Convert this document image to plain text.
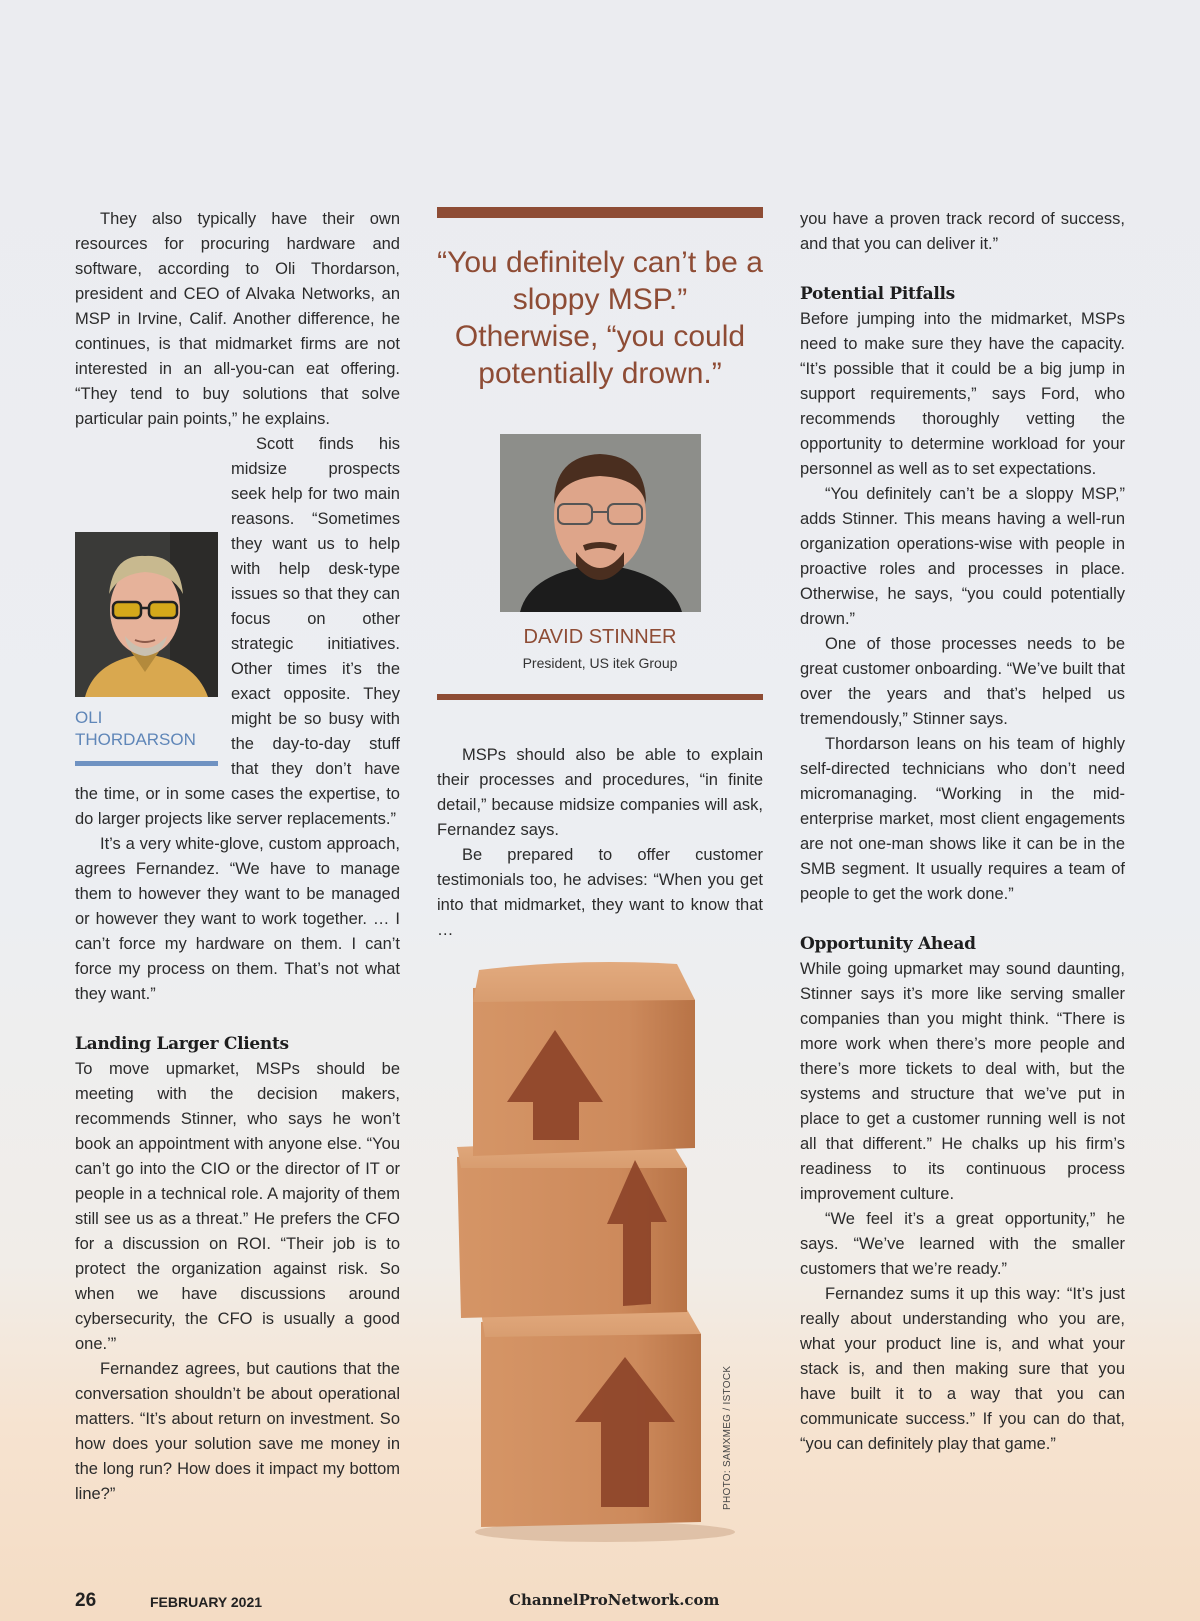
They also typically have their own resources for procuring hardware and software, according to Oli Thordarson, president and CEO of Alvaka Networks, an MSP in Irvine, Calif. Another difference, he continues, is that midmarket firms are not interested in an all-you-can eat offering. “They tend to buy solutions that solve particular pain points,” he explains.
OLI
THORDARSON

Scott finds his midsize prospects seek help for two main reasons. “Sometimes they want us to help with help desk-type issues so that they can focus on other strategic initiatives. Other times it’s the exact opposite. They might be so busy with the day-to-day stuff that they don’t have the time, or in some cases the expertise, to do larger projects like server replacements.”

It’s a very white-glove, custom approach, agrees Fernandez. “We have to manage them to however they want to be managed or however they want to work together. … I can’t force my hardware on them. I can’t force my process on them. That’s not what they want.”

Landing Larger Clients

To move upmarket, MSPs should be meeting with the decision makers, recommends Stinner, who says he won’t book an appointment with anyone else. “You can’t go into the CIO or the director of IT or people in a technical role. A majority of them still see us as a threat.” He prefers the CFO for a discussion on ROI. “Their job is to protect the organization against risk. So when we have discussions around cybersecurity, the CFO is usually a good one.’”

Fernandez agrees, but cautions that the conversation shouldn’t be about operational matters. “It’s about return on investment. So how does your solution save me money in the long run? How does it impact my bottom line?”

“You definitely can’t be a sloppy MSP.” Otherwise, “you could potentially drown.”
DAVID STINNER
President, US itek Group

MSPs should also be able to explain their processes and procedures, “in finite detail,” because midsize companies will ask, Fernandez says.

Be prepared to offer customer testimonials too, he advises: “When you get into that midmarket, they want to know that …

PHOTO: SAMXMEG / ISTOCK

you have a proven track record of success, and that you can deliver it.”

Potential Pitfalls

Before jumping into the midmarket, MSPs need to make sure they have the capacity. “It’s possible that it could be a big jump in support requirements,” says Ford, who recommends thoroughly vetting the opportunity to determine workload for your personnel as well as to set expectations.

“You definitely can’t be a sloppy MSP,” adds Stinner. This means having a well-run organization operations-wise with people in proactive roles and processes in place. Otherwise, he says, “you could potentially drown.”

One of those processes needs to be great customer onboarding. “We’ve built that over the years and that’s helped us tremendously,” Stinner says.

Thordarson leans on his team of highly self-directed technicians who don’t need micromanaging. “Working in the mid-enterprise market, most client engagements are not one-man shows like it can be in the SMB segment. It usually requires a team of people to get the work done.”

Opportunity Ahead

While going upmarket may sound daunting, Stinner says it’s more like serving smaller companies than you might think. “There is more work when there’s more people and there’s more tickets to deal with, but the systems and structure that we’ve put in place to get a customer running well is not all that different.” He chalks up his firm’s readiness to its continuous process improvement culture.

“We feel it’s a great opportunity,” he says. “We’ve learned with the smaller customers that we’re ready.”

Fernandez sums it up this way: “It’s just really about understanding who you are, what your product line is, and what your stack is, and then making sure that you have built it to a way that you can communicate success.” If you can do that, “you can definitely play that game.”

26	FEBRUARY 2021	ChannelProNetwork.com
